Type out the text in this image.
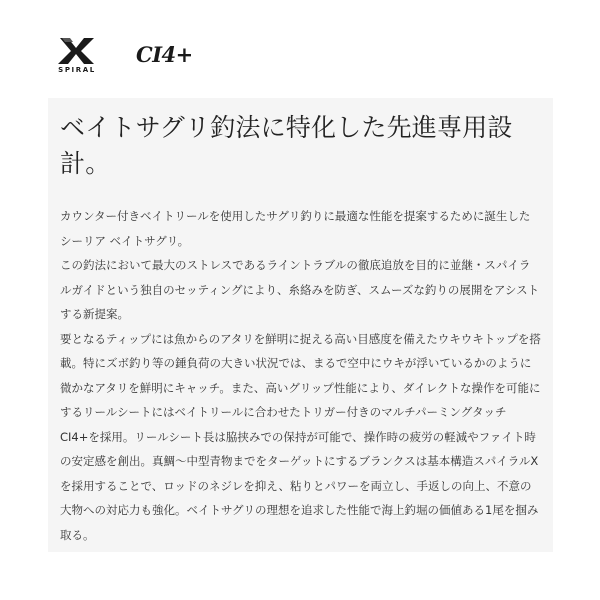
SPIRAL
CI4+
ベイトサグリ釣法に特化した先進専用設
計。

カウンター付きベイトリールを使用したサグリ釣りに最適な性能を提案するために誕生したシーリア ベイトサグリ。

この釣法において最大のストレスであるライントラブルの徹底追放を目的に並継・スパイラルガイドという独自のセッティングにより、糸絡みを防ぎ、スムーズな釣りの展開をアシストする新提案。

要となるティップには魚からのアタリを鮮明に捉える高い目感度を備えたウキウキトップを搭載。特にズボ釣り等の錘負荷の大きい状況では、まるで空中にウキが浮いているかのように微かなアタリを鮮明にキャッチ。また、高いグリップ性能により、ダイレクトな操作を可能にするリールシートにはベイトリールに合わせたトリガー付きのマルチパーミングタッチCI4+を採用。リールシート長は脇挟みでの保持が可能で、操作時の疲労の軽減やファイト時の安定感を創出。真鯛～中型青物までをターゲットにするブランクスは基本構造スパイラルXを採用することで、ロッドのネジレを抑え、粘りとパワーを両立し、手返しの向上、不意の大物への対応力も強化。ベイトサグリの理想を追求した性能で海上釣堀の価値ある1尾を掴み取る。
